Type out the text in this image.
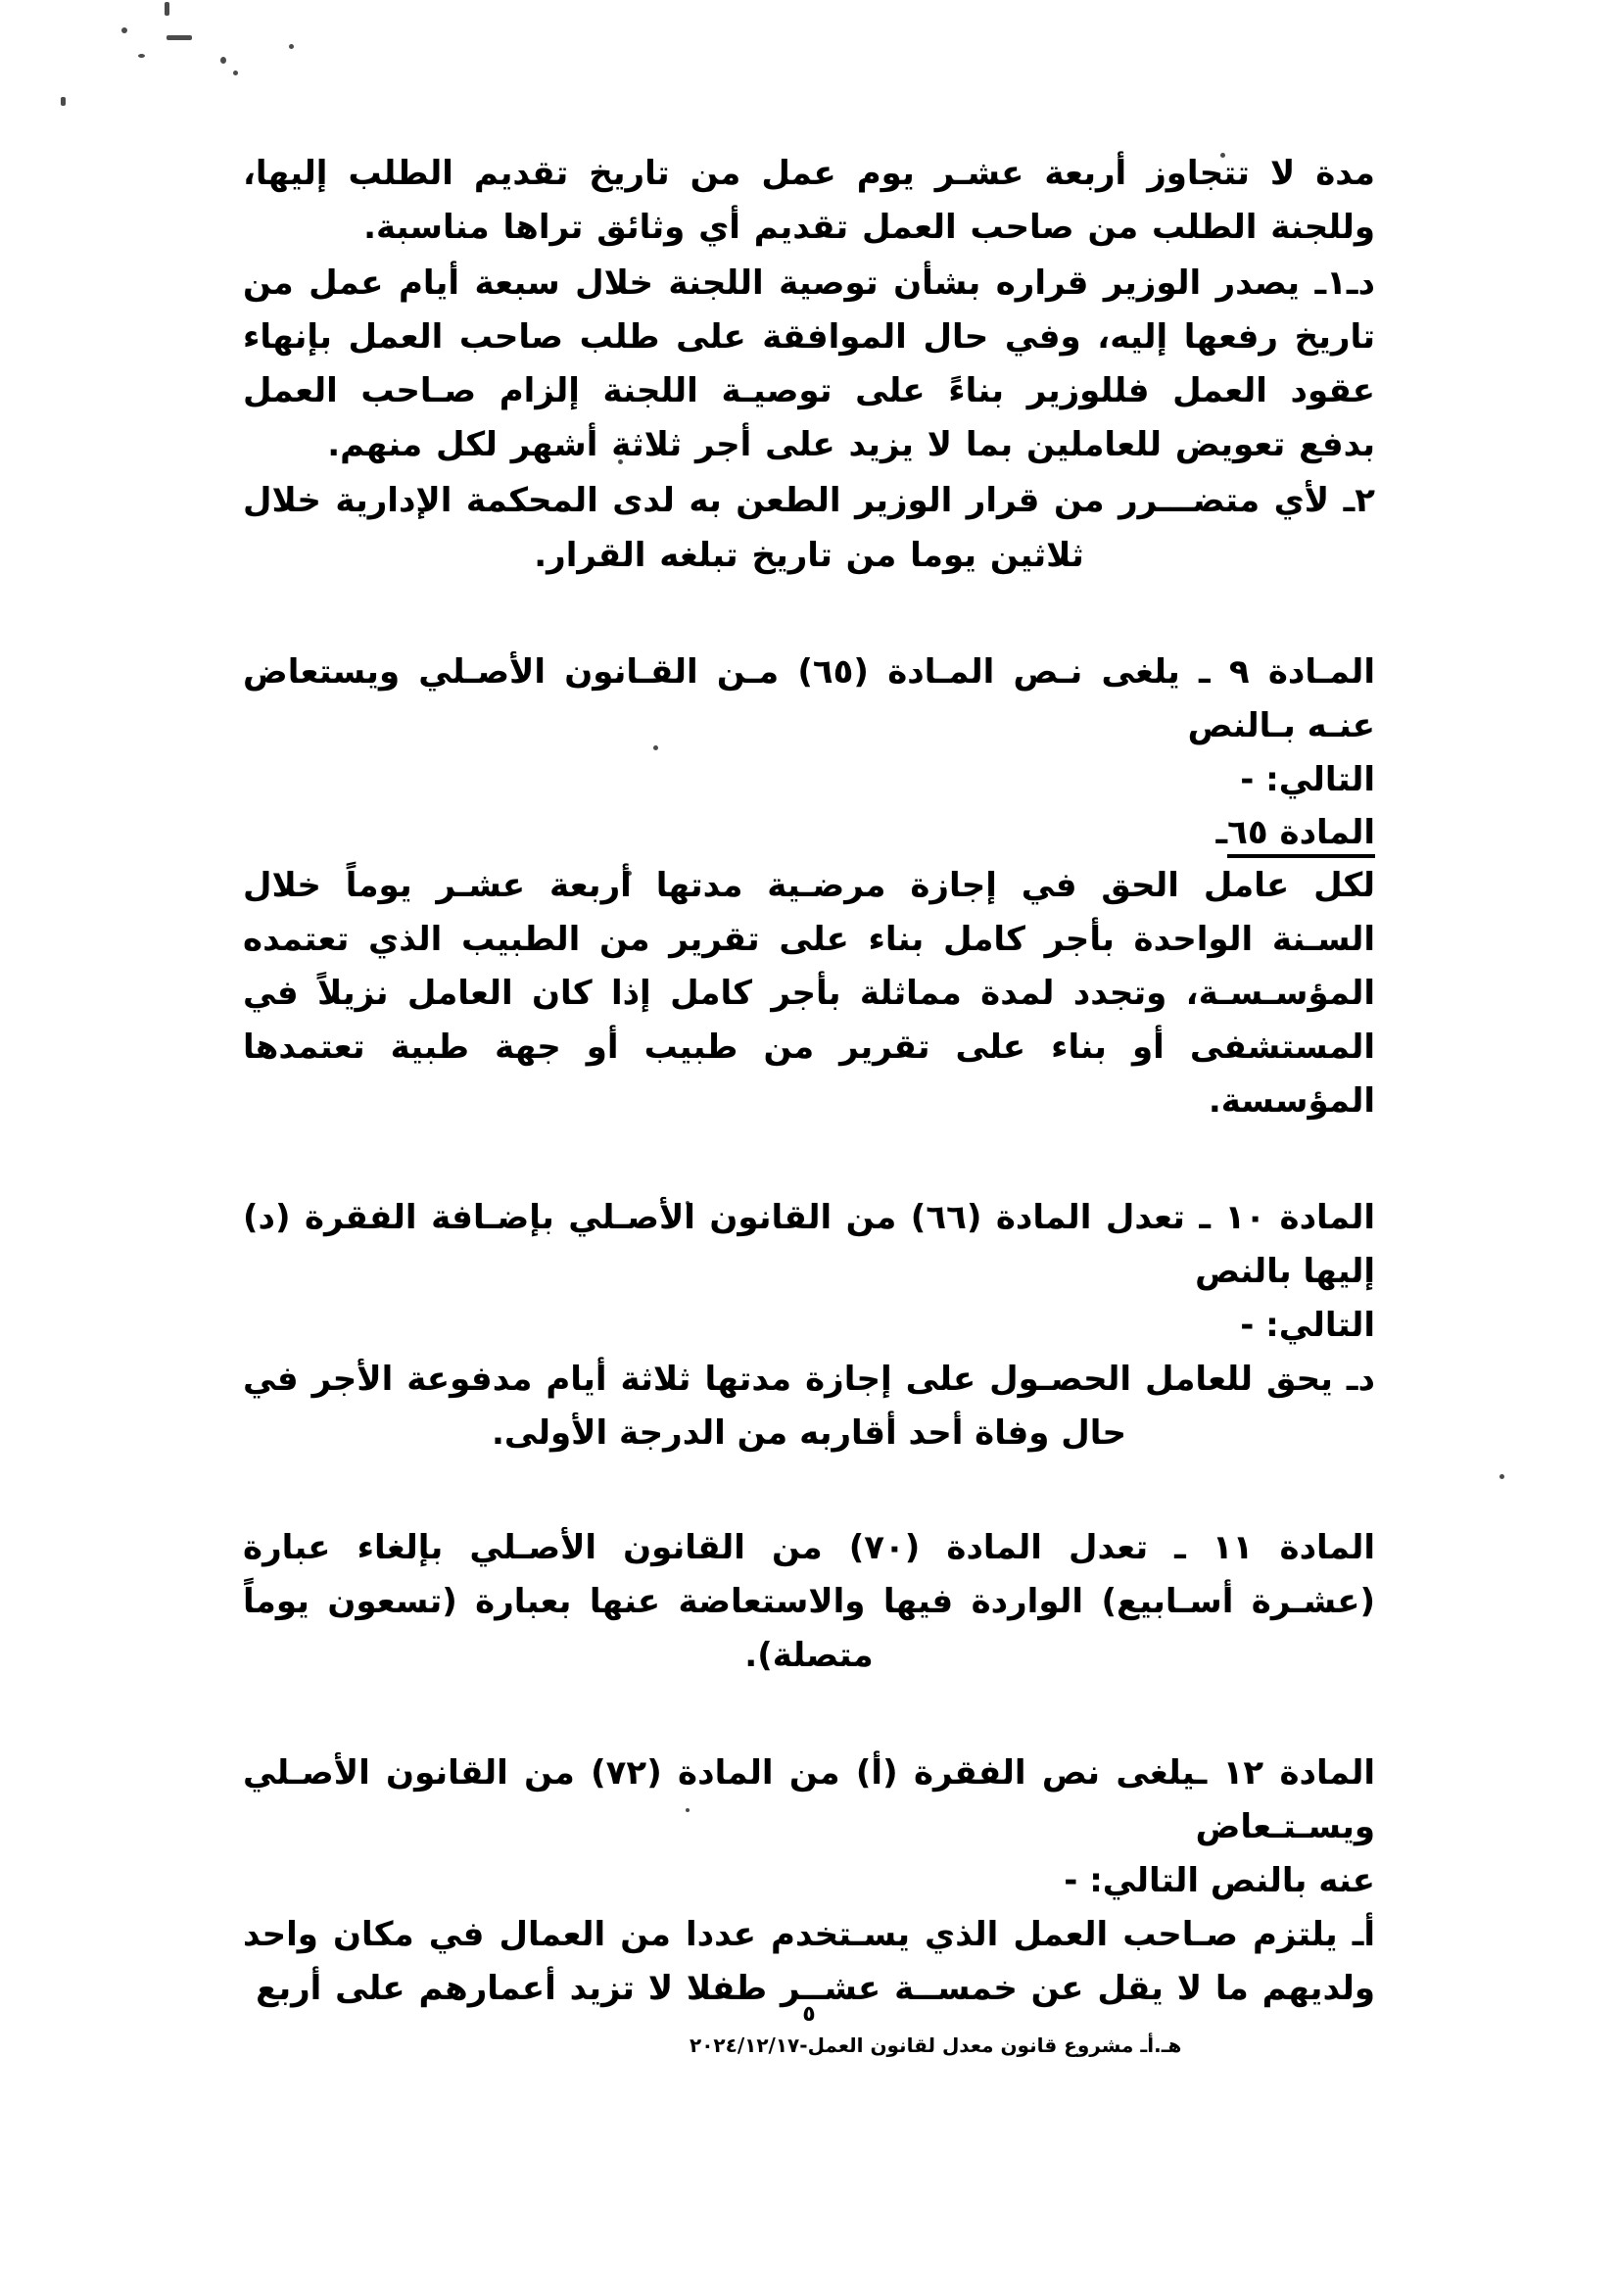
مدة لا تتجاوز أربعة عشـر يوم عمل من تاريخ تقديم الطلب إليها، وللجنة الطلب من صاحب العمل تقديم أي وثائق تراها مناسبة.

دـ١ـ يصدر الوزير قراره بشأن توصية اللجنة خلال سبعة أيام عمل من تاريخ رفعها إليه، وفي حال الموافقة على طلب صاحب العمل بإنهاء عقود العمل فللوزير بناءً على توصيـة اللجنة إلزام صـاحب العمل بدفع تعويض للعاملين بما لا يزيد على أجر ثلاثة أشهر لكل منهم.

٢ـ لأي متضـــرر من قرار الوزير الطعن به لدى المحكمة الإدارية خلال ثلاثين يوما من تاريخ تبلغه القرار.

المـادة ٩ ـ يلغى نـص المـادة (٦٥) مـن القـانون الأصـلي ويستعاض عنـه بـالنص

التالي: -

المادة ٦٥ـ

لكل عامل الحق في إجازة مرضـية مدتها أربعة عشـر يوماً خلال السـنة الواحدة بأجر كامل بناء على تقرير من الطبيب الذي تعتمده المؤسـسـة، وتجدد لمدة مماثلة بأجر كامل إذا كان العامل نزيلاً في المستشفى أو بناء على تقرير من طبيب أو جهة طبية تعتمدها المؤسسة.

المادة ١٠ ـ تعدل المادة (٦٦) من القانون الأصـلي بإضـافة الفقرة (د) إليها بالنص

التالي: -

دـ يحق للعامل الحصـول على إجازة مدتها ثلاثة أيام مدفوعة الأجر في حال وفاة أحد أقاربه من الدرجة الأولى.

المادة ١١ ـ تعدل المادة (٧٠) من القانون الأصـلي بإلغاء عبارة (عشـرة أسـابيع) الواردة فيها والاستعاضة عنها بعبارة (تسعون يوماً متصلة).

المادة ١٢ ـيلغى نص الفقرة (أ) من المادة (٧٢) من القانون الأصـلي ويسـتـعاض

عنه بالنص التالي: -

أـ يلتزم صـاحب العمل الذي يسـتخدم عددا من العمال في مكان واحد ولديهم ما لا يقل عن خمســة عشــر طفلا لا تزيد أعمارهم على أربع

٥
هـ.أـ مشروع قانون معدل لقانون العمل-٢٠٢٤/١٢/١٧
